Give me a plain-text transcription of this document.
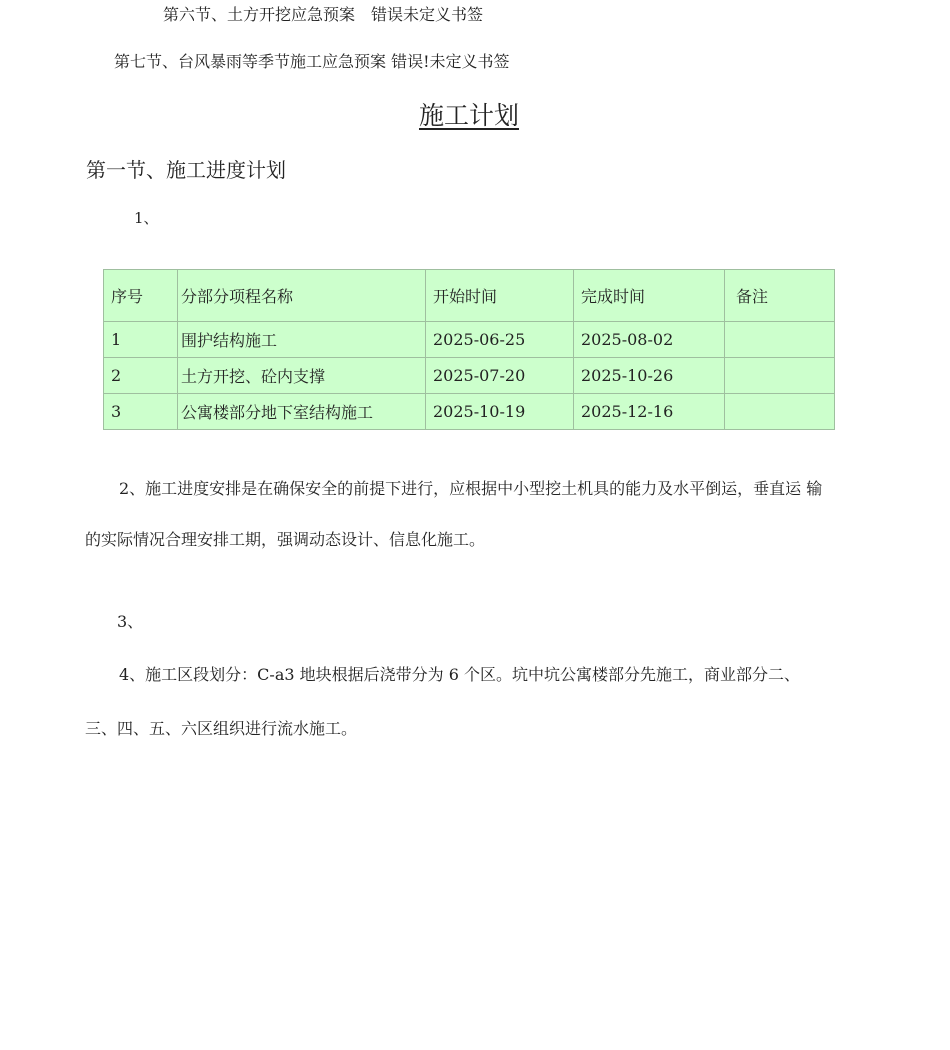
第六节、土方开挖应急预案　错误未定义书签
第七节、台风暴雨等季节施工应急预案 错误!未定义书签
施工计划
第一节、施工进度计划
1、
序号	分部分项程名称	开始时间	完成时间	备注
1	围护结构施工	2025-06-25	2025-08-02	
2	土方开挖、砼内支撑	2025-07-20	2025-10-26	
3	公寓楼部分地下室结构施工	2025-10-19	2025-12-16	
2、施工进度安排是在确保安全的前提下进行，应根据中小型挖土机具的能力及水平倒运，垂直运 输
的实际情况合理安排工期，强调动态设计、信息化施工。
3、
4、施工区段划分：C-a3 地块根据后浇带分为 6 个区。坑中坑公寓楼部分先施工，商业部分二、
三、四、五、六区组织进行流水施工。
